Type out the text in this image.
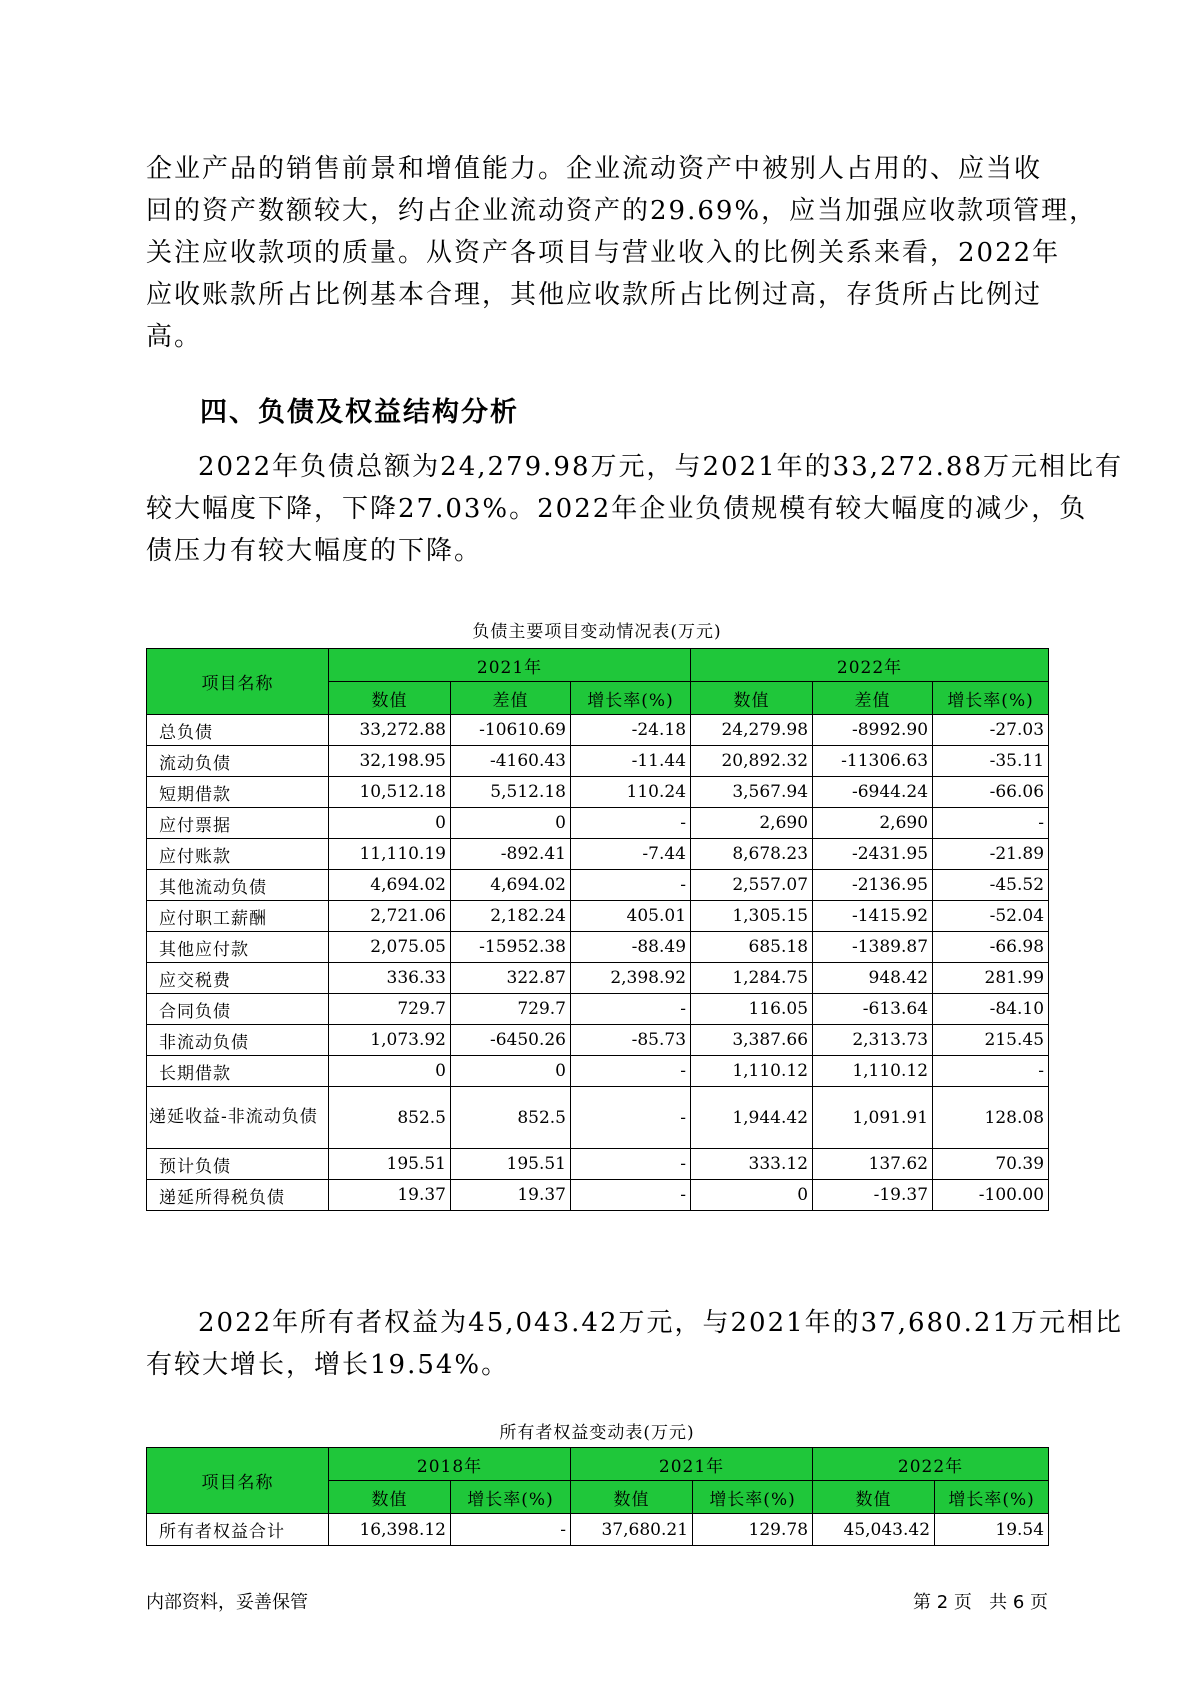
企业产品的销售前景和增值能力。企业流动资产中被别人占用的、应当收
回的资产数额较大，约占企业流动资产的29.69%，应当加强应收款项管理，
关注应收款项的质量。从资产各项目与营业收入的比例关系来看，2022年
应收账款所占比例基本合理，其他应收款所占比例过高，存货所占比例过
高。
四、负债及权益结构分析
2022年负债总额为24,279.98万元，与2021年的33,272.88万元相比有
较大幅度下降，下降27.03%。2022年企业负债规模有较大幅度的减少，负
债压力有较大幅度的下降。

负债主要项目变动情况表(万元)

项目名称	2021年			2022年		
	数值	差值	增长率(%)	数值	差值	增长率(%)
总负债	33,272.88	-10610.69	-24.18	24,279.98	-8992.90	-27.03
流动负债	32,198.95	-4160.43	-11.44	20,892.32	-11306.63	-35.11
短期借款	10,512.18	5,512.18	110.24	3,567.94	-6944.24	-66.06
应付票据	0	0	-	2,690	2,690	-
应付账款	11,110.19	-892.41	-7.44	8,678.23	-2431.95	-21.89
其他流动负债	4,694.02	4,694.02	-	2,557.07	-2136.95	-45.52
应付职工薪酬	2,721.06	2,182.24	405.01	1,305.15	-1415.92	-52.04
其他应付款	2,075.05	-15952.38	-88.49	685.18	-1389.87	-66.98
应交税费	336.33	322.87	2,398.92	1,284.75	948.42	281.99
合同负债	729.7	729.7	-	116.05	-613.64	-84.10
非流动负债	1,073.92	-6450.26	-85.73	3,387.66	2,313.73	215.45
长期借款	0	0	-	1,110.12	1,110.12	-
递延收益-非流动负债	852.5	852.5	-	1,944.42	1,091.91	128.08
预计负债	195.51	195.51	-	333.12	137.62	70.39
递延所得税负债	19.37	19.37	-	0	-19.37	-100.00
2022年所有者权益为45,043.42万元，与2021年的37,680.21万元相比
有较大增长，增长19.54%。

所有者权益变动表(万元)

项目名称	2018年		2021年		2022年	
	数值	增长率(%)	数值	增长率(%)	数值	增长率(%)
所有者权益合计	16,398.12	-	37,680.21	129.78	45,043.42	19.54
内部资料，妥善保管	第 2 页   共 6 页
